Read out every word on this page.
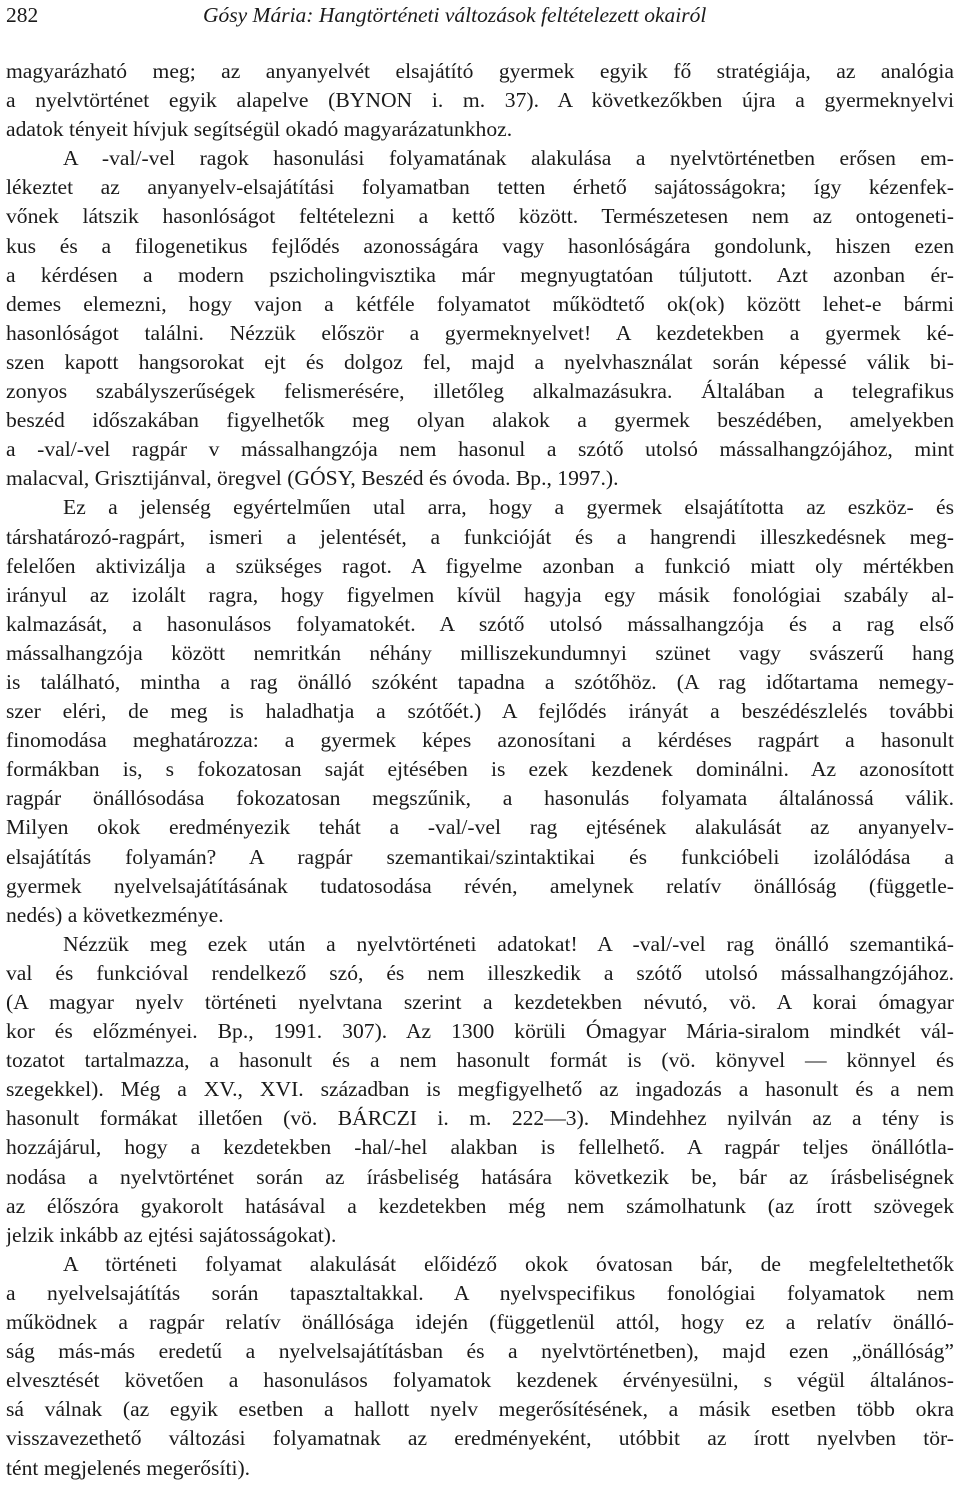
282	Gósy Mária: Hangtörténeti változások feltételezett okairól
magyarázható meg; az anyanyelvét elsajátító gyermek egyik fő stratégiája, az analógia
a nyelvtörténet egyik alapelve (BYNON i. m. 37). A következőkben újra a gyermeknyelvi
adatok tényeit hívjuk segítségül okadó magyarázatunkhoz.
A -val/-vel ragok hasonulási folyamatának alakulása a nyelvtörténetben erősen em-
lékeztet az anyanyelv-elsajátítási folyamatban tetten érhető sajátosságokra; így kézenfek-
vőnek látszik hasonlóságot feltételezni a kettő között. Természetesen nem az ontogeneti-
kus és a filogenetikus fejlődés azonosságára vagy hasonlóságára gondolunk, hiszen ezen
a kérdésen a modern pszicholingvisztika már megnyugtatóan túljutott. Azt azonban ér-
demes elemezni, hogy vajon a kétféle folyamatot működtető ok(ok) között lehet-e bármi
hasonlóságot találni. Nézzük először a gyermeknyelvet! A kezdetekben a gyermek ké-
szen kapott hangsorokat ejt és dolgoz fel, majd a nyelvhasználat során képessé válik bi-
zonyos szabályszerűségek felismerésére, illetőleg alkalmazásukra. Általában a telegrafikus
beszéd időszakában figyelhetők meg olyan alakok a gyermek beszédében, amelyekben
a -val/-vel ragpár v mássalhangzója nem hasonul a szótő utolsó mássalhangzójához, mint
malacval, Grisztijánval, öregvel (GÓSY, Beszéd és óvoda. Bp., 1997.).
Ez a jelenség egyértelműen utal arra, hogy a gyermek elsajátította az eszköz- és
társhatározó-ragpárt, ismeri a jelentését, a funkcióját és a hangrendi illeszkedésnek meg-
felelően aktivizálja a szükséges ragot. A figyelme azonban a funkció miatt oly mértékben
irányul az izolált ragra, hogy figyelmen kívül hagyja egy másik fonológiai szabály al-
kalmazását, a hasonulásos folyamatokét. A szótő utolsó mássalhangzója és a rag első
mássalhangzója között nemritkán néhány milliszekundumnyi szünet vagy svászerű hang
is található, mintha a rag önálló szóként tapadna a szótőhöz. (A rag időtartama nemegy-
szer eléri, de meg is haladhatja a szótőét.) A fejlődés irányát a beszédészlelés további
finomodása meghatározza: a gyermek képes azonosítani a kérdéses ragpárt a hasonult
formákban is, s fokozatosan saját ejtésében is ezek kezdenek dominálni. Az azonosított
ragpár önállósodása fokozatosan megszűnik, a hasonulás folyamata általánossá válik.
Milyen okok eredményezik tehát a -val/-vel rag ejtésének alakulását az anyanyelv-
elsajátítás folyamán? A ragpár szemantikai/szintaktikai és funkcióbeli izolálódása a
gyermek nyelvelsajátításának tudatosodása révén, amelynek relatív önállóság (függetle-
nedés) a következménye.
Nézzük meg ezek után a nyelvtörténeti adatokat! A -val/-vel rag önálló szemantiká-
val és funkcióval rendelkező szó, és nem illeszkedik a szótő utolsó mássalhangzójához.
(A magyar nyelv történeti nyelvtana szerint a kezdetekben névutó, vö. A korai ómagyar
kor és előzményei. Bp., 1991. 307). Az 1300 körüli Ómagyar Mária-siralom mindkét vál-
tozatot tartalmazza, a hasonult és a nem hasonult formát is (vö. könyvel — könnyel és
szegekkel). Még a XV., XVI. században is megfigyelhető az ingadozás a hasonult és a nem
hasonult formákat illetően (vö. BÁRCZI i. m. 222—3). Mindehhez nyilván az a tény is
hozzájárul, hogy a kezdetekben -hal/-hel alakban is fellelhető. A ragpár teljes önállótla-
nodása a nyelvtörténet során az írásbeliség hatására következik be, bár az írásbeliségnek
az élőszóra gyakorolt hatásával a kezdetekben még nem számolhatunk (az írott szövegek
jelzik inkább az ejtési sajátosságokat).
A történeti folyamat alakulását előidéző okok óvatosan bár, de megfeleltethetők
a nyelvelsajátítás során tapasztaltakkal. A nyelvspecifikus fonológiai folyamatok nem
működnek a ragpár relatív önállósága idején (függetlenül attól, hogy ez a relatív önálló-
ság más-más eredetű a nyelvelsajátításban és a nyelvtörténetben), majd ezen „önállóság”
elvesztését követően a hasonulásos folyamatok kezdenek érvényesülni, s végül általános-
sá válnak (az egyik esetben a hallott nyelv megerősítésének, a másik esetben több okra
visszavezethető változási folyamatnak az eredményeként, utóbbit az írott nyelvben tör-
tént megjelenés megerősíti).
